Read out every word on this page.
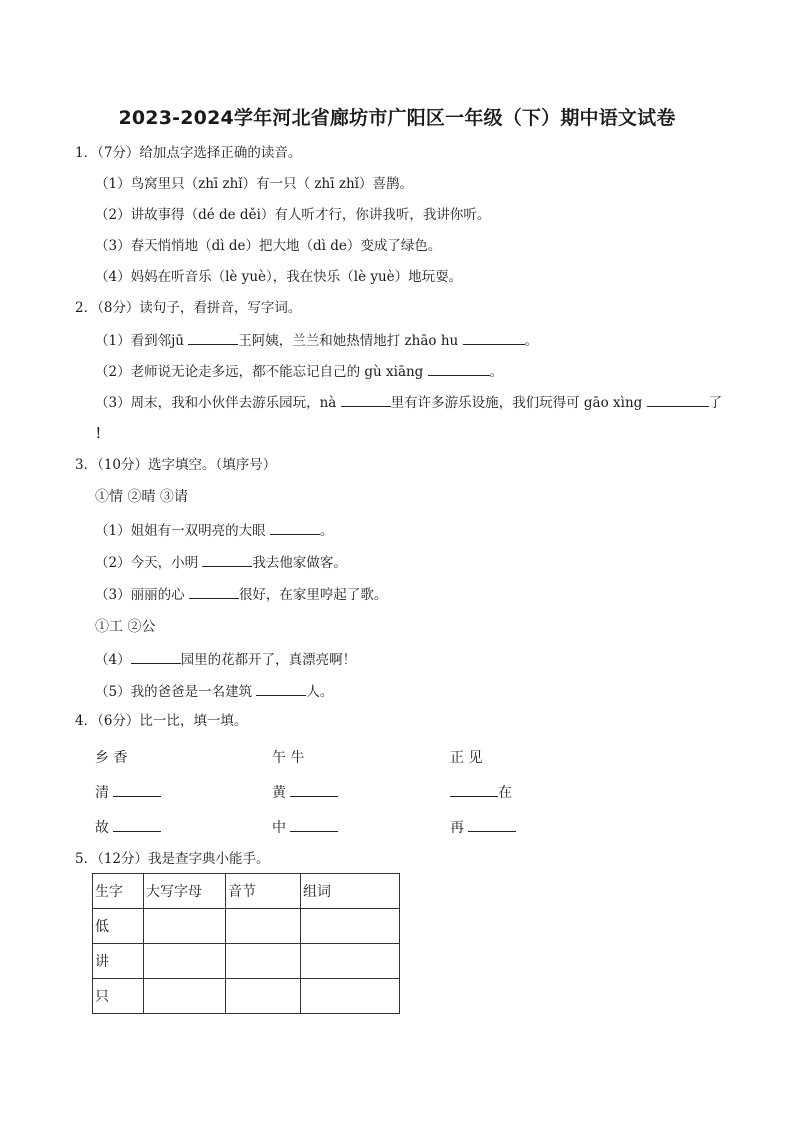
2023-2024学年河北省廊坊市广阳区一年级（下）期中语文试卷
1．（7分）给加点字选择正确的读音。
（1）鸟窝里只（zhī zhǐ）有一只（ zhī zhǐ）喜鹊。
（2）讲故事得（dé de děi）有人听才行，你讲我听，我讲你听。
（3）春天悄悄地（dì de）把大地（dì de）变成了绿色。
（4）妈妈在听音乐（lè yuè），我在快乐（lè yuè）地玩耍。
2．（8分）读句子，看拼音，写字词。
（1）看到邻jū	王阿姨，兰兰和她热情地打 zhāo hu	。
（2）老师说无论走多远，都不能忘记自己的 gù xiāng	。
（3）周末，我和小伙伴去游乐园玩，nà	里有许多游乐设施，我们玩得可 gāo xìng	了
！
3．（10分）选字填空。（填序号）
①情 ②晴 ③请
（1）姐姐有一双明亮的大眼	。
（2）今天，小明	我去他家做客。
（3）丽丽的心	很好，在家里哼起了歌。
①工 ②公
（4）	园里的花都开了，真漂亮啊！
（5）我的爸爸是一名建筑	人。
4．（6分）比一比，填一填。
乡 香	午 牛	正 见
清	黄	在
故	中	再
5．（12分）我是查字典小能手。
生字	大写字母	音节	组词
低			
讲			
只			
